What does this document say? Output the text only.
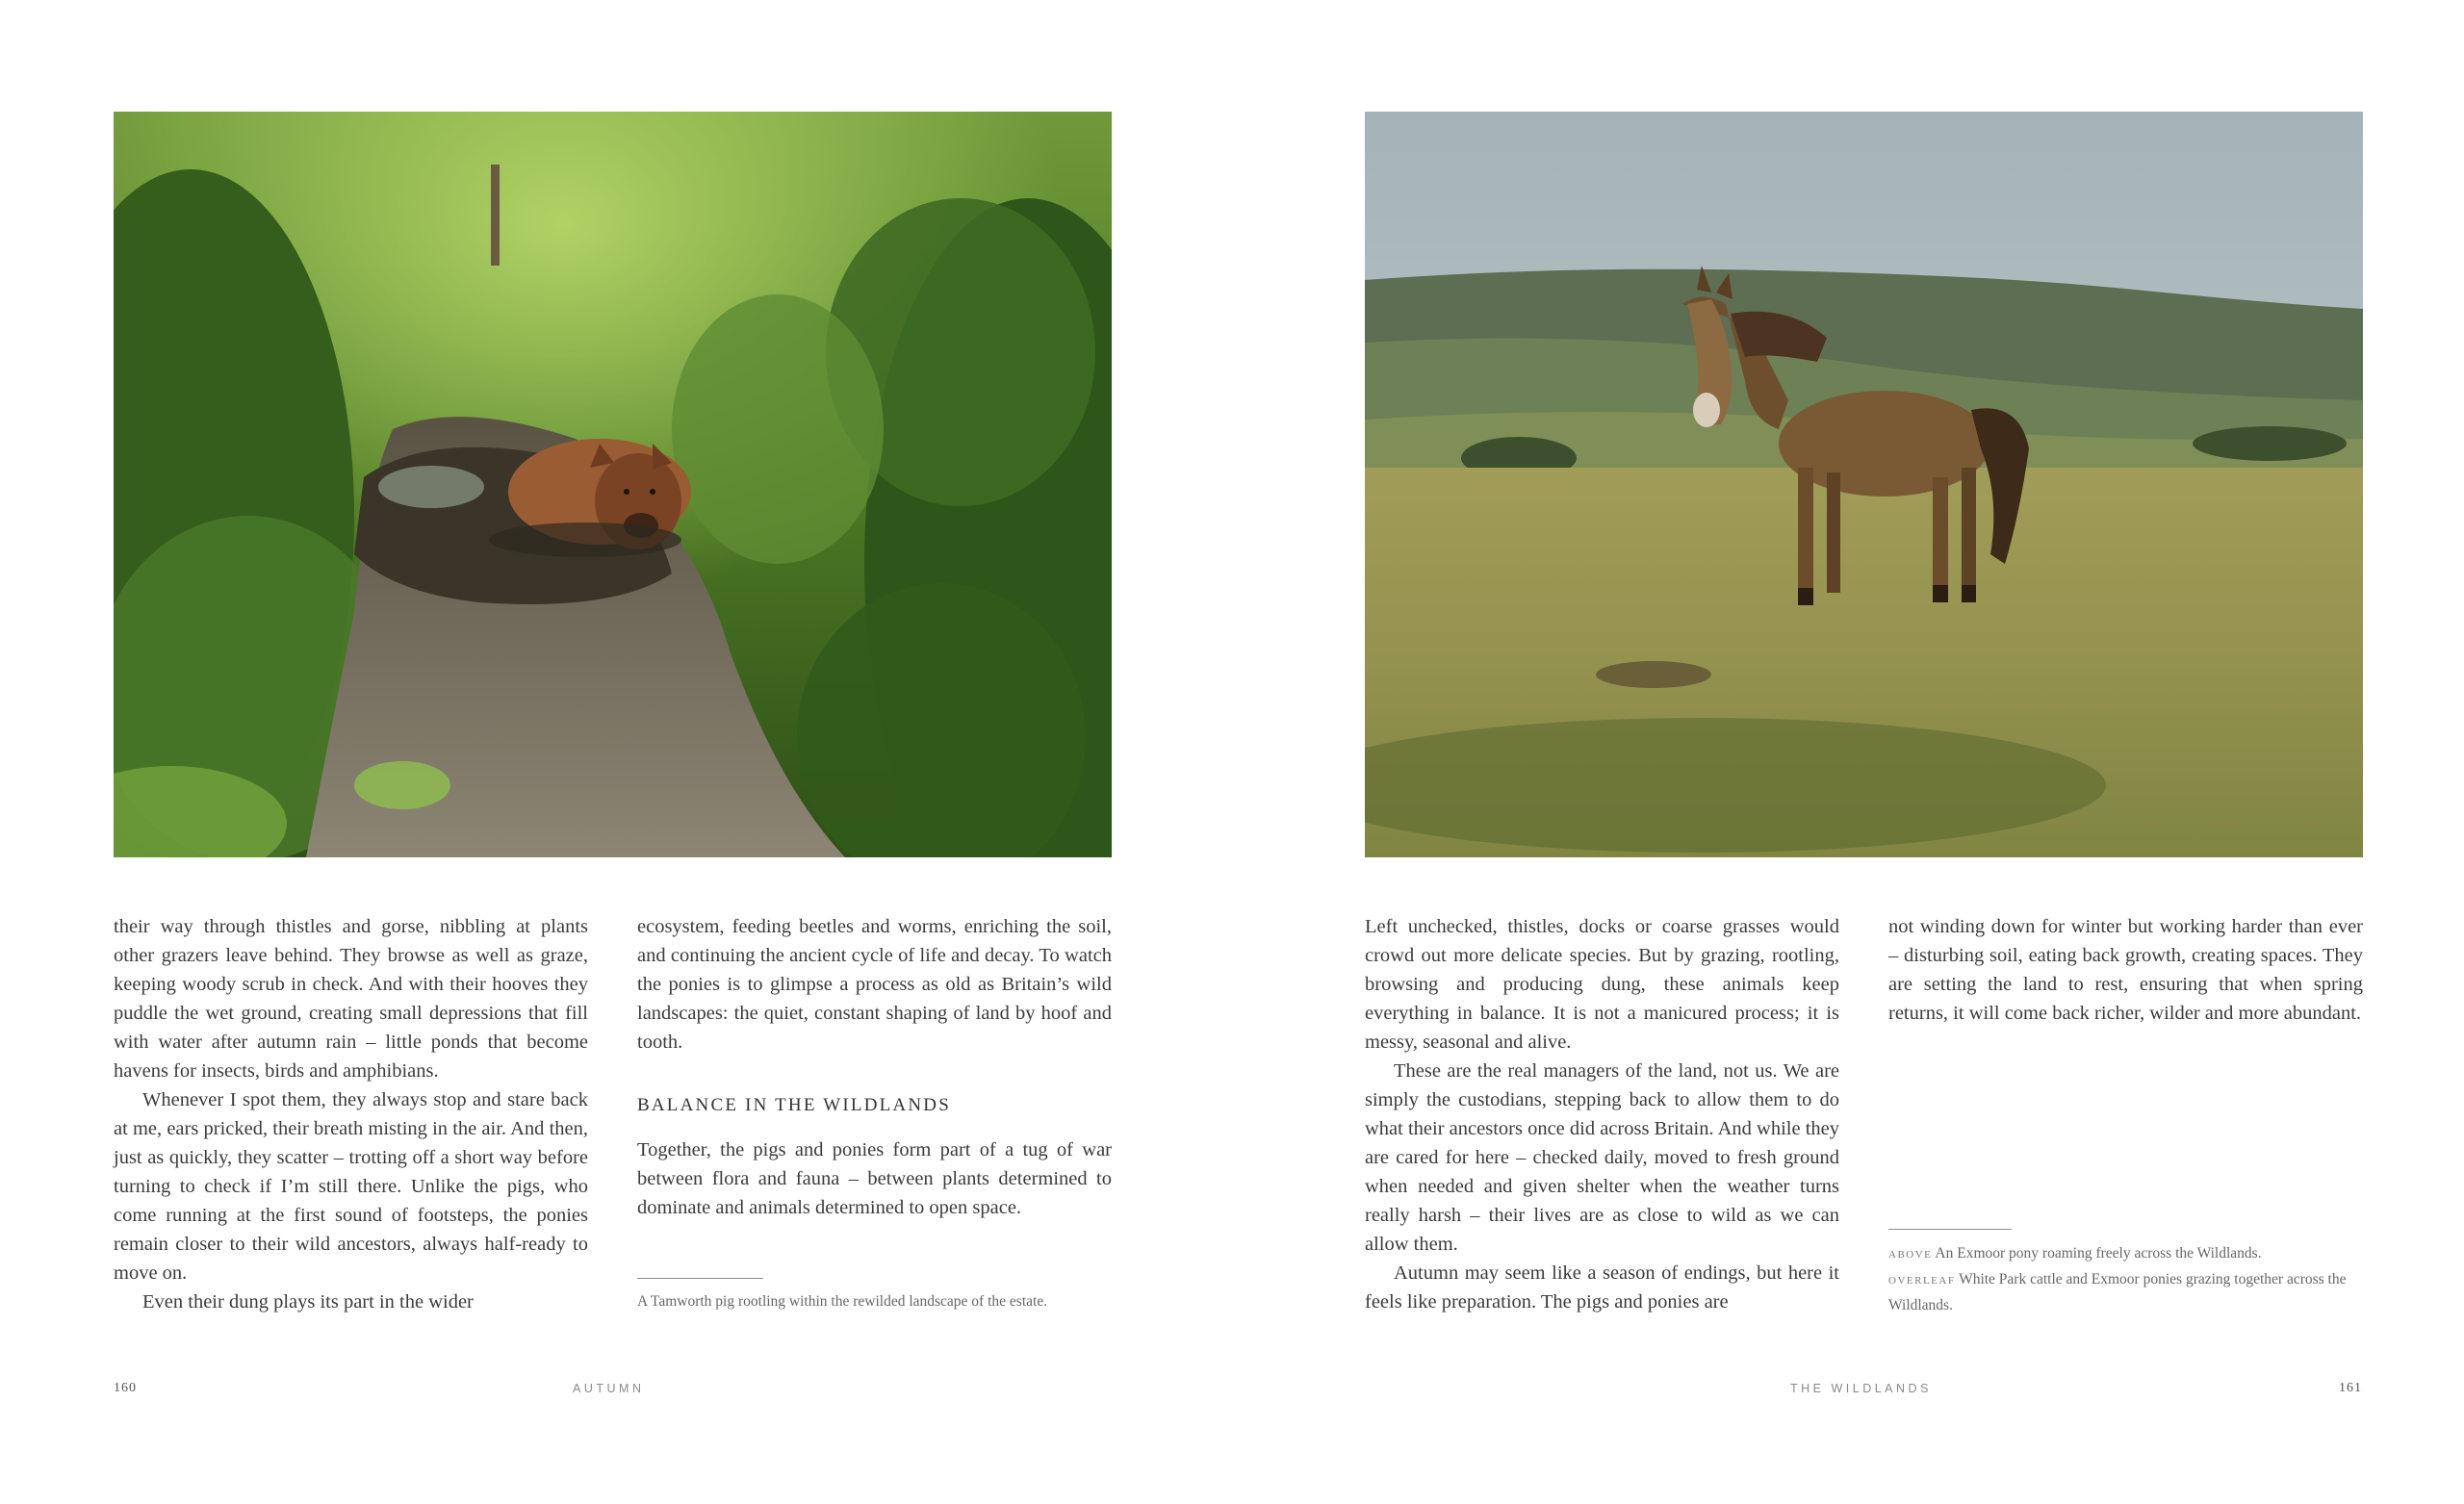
their way through thistles and gorse, nibbling at plants other grazers leave behind. They browse as well as graze, keeping woody scrub in check. And with their hooves they puddle the wet ground, creating small depressions that fill with water after autumn rain – little ponds that become havens for insects, birds and amphibians.

Whenever I spot them, they always stop and stare back at me, ears pricked, their breath misting in the air. And then, just as quickly, they scatter – trotting off a short way before turning to check if I’m still there. Unlike the pigs, who come running at the first sound of footsteps, the ponies remain closer to their wild ancestors, always half-ready to move on.

Even their dung plays its part in the wider

ecosystem, feeding beetles and worms, enriching the soil, and continuing the ancient cycle of life and decay. To watch the ponies is to glimpse a process as old as Britain’s wild landscapes: the quiet, constant shaping of land by hoof and tooth.

BALANCE IN THE WILDLANDS

Together, the pigs and ponies form part of a tug of war between flora and fauna – between plants determined to dominate and animals determined to open space.

A Tamworth pig rootling within the rewilded landscape of the estate.
160	AUTUMN

Left unchecked, thistles, docks or coarse grasses would crowd out more delicate species. But by grazing, rootling, browsing and producing dung, these animals keep everything in balance. It is not a manicured process; it is messy, seasonal and alive.

These are the real managers of the land, not us. We are simply the custodians, stepping back to allow them to do what their ancestors once did across Britain. And while they are cared for here – checked daily, moved to fresh ground when needed and given shelter when the weather turns really harsh – their lives are as close to wild as we can allow them.

Autumn may seem like a season of endings, but here it feels like preparation. The pigs and ponies are

not winding down for winter but working harder than ever – disturbing soil, eating back growth, creating spaces. They are setting the land to rest, ensuring that when spring returns, it will come back richer, wilder and more abundant.

ABOVE An Exmoor pony roaming freely across the Wildlands.
OVERLEAF White Park cattle and Exmoor ponies grazing together across the Wildlands.
THE WILDLANDS	161
